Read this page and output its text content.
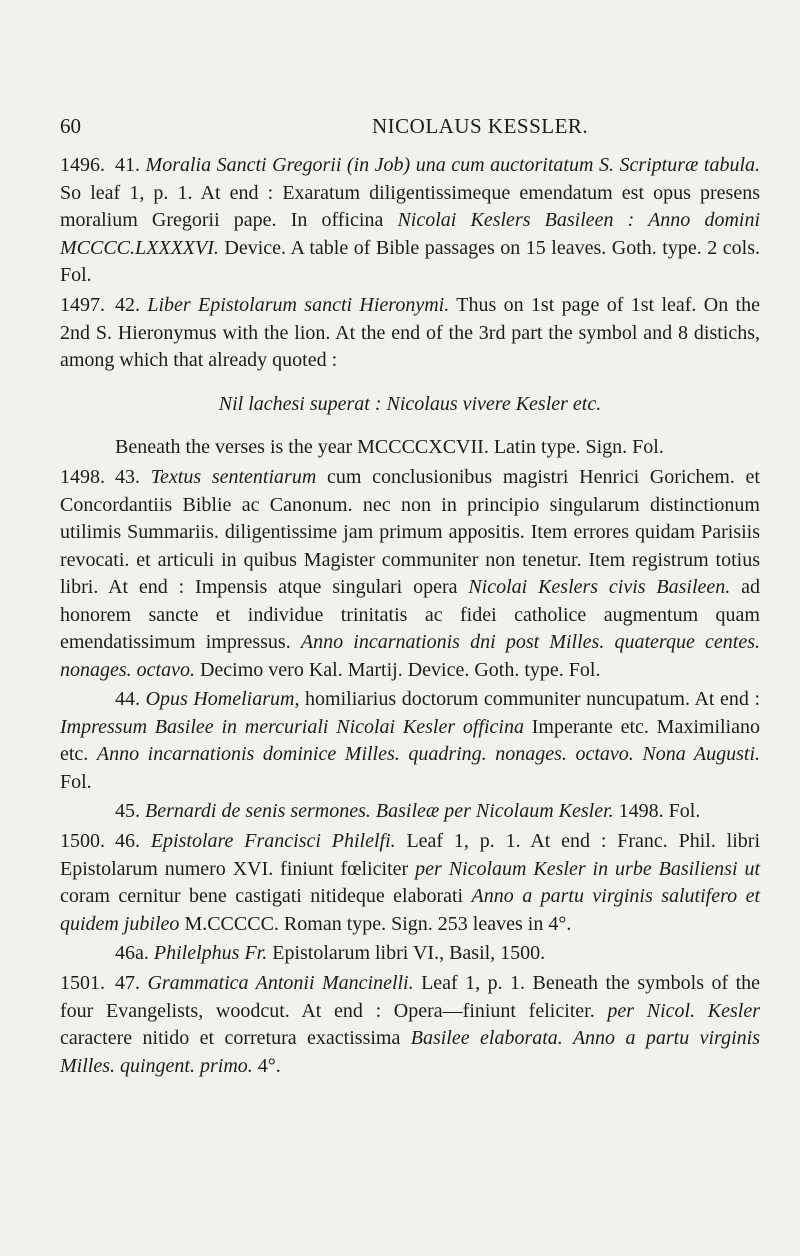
60	NICOLAUS KESSLER.
1496. 41. Moralia Sancti Gregorii (in Job) una cum auctoritatum S. Scripturæ tabula. So leaf 1, p. 1. At end : Exaratum diligentissimeque emendatum est opus presens moralium Gregorii pape. In officina Nicolai Keslers Basileen : Anno domini MCCCC.LXXXXVI. Device. A table of Bible passages on 15 leaves. Goth. type. 2 cols. Fol.

1497. 42. Liber Epistolarum sancti Hieronymi. Thus on 1st page of 1st leaf. On the 2nd S. Hieronymus with the lion. At the end of the 3rd part the symbol and 8 distichs, among which that already quoted :

Nil lachesi superat : Nicolaus vivere Kesler etc.

Beneath the verses is the year MCCCCXCVII. Latin type. Sign. Fol.

1498. 43. Textus sententiarum cum conclusionibus magistri Henrici Gorichem. et Concordantiis Biblie ac Canonum. nec non in principio singularum distinctionum utilimis Summariis. diligentissime jam primum appositis. Item errores quidam Parisiis revocati. et articuli in quibus Magister communiter non tenetur. Item registrum totius libri. At end : Impensis atque singulari opera Nicolai Keslers civis Basileen. ad honorem sancte et individue trinitatis ac fidei catholice augmentum quam emendatissimum impressus. Anno incarnationis dni post Milles. quaterque centes. nonages. octavo. Decimo vero Kal. Martij. Device. Goth. type. Fol.

44. Opus Homeliarum, homiliarius doctorum communiter nuncupatum. At end : Impressum Basilee in mercuriali Nicolai Kesler officina Imperante etc. Maximiliano etc. Anno incarnationis dominice Milles. quadring. nonages. octavo. Nona Augusti. Fol.

45. Bernardi de senis sermones. Basileæ per Nicolaum Kesler. 1498. Fol.

1500. 46. Epistolare Francisci Philelfi. Leaf 1, p. 1. At end : Franc. Phil. libri Epistolarum numero XVI. finiunt fœliciter per Nicolaum Kesler in urbe Basiliensi ut coram cernitur bene castigati nitideque elaborati Anno a partu virginis salutifero et quidem jubileo M.CCCCC. Roman type. Sign. 253 leaves in 4°.

46a. Philelphus Fr. Epistolarum libri VI., Basil, 1500.

1501. 47. Grammatica Antonii Mancinelli. Leaf 1, p. 1. Beneath the symbols of the four Evangelists, woodcut. At end : Opera—finiunt feliciter. per Nicol. Kesler caractere nitido et corretura exactissima Basilee elaborata. Anno a partu virginis Milles. quingent. primo. 4°.
